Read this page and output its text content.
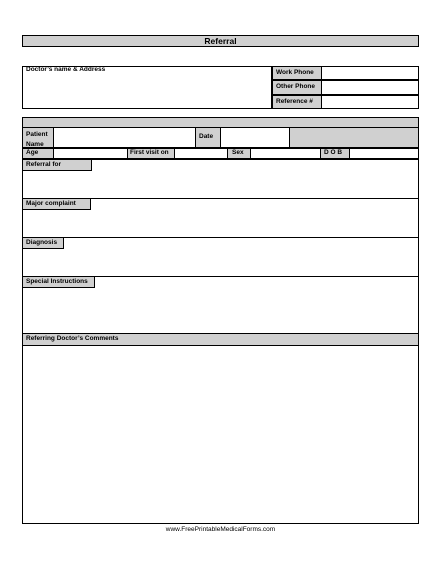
Referral
Doctor’s name & Address	Work Phone
Other Phone
Reference #
Patient
Name
Date
Age	First visit on	Sex	D O B
Referral for
Major complaint
Diagnosis
Special Instructions
Referring Doctor’s Comments
www.FreePrintableMedicalForms.com
